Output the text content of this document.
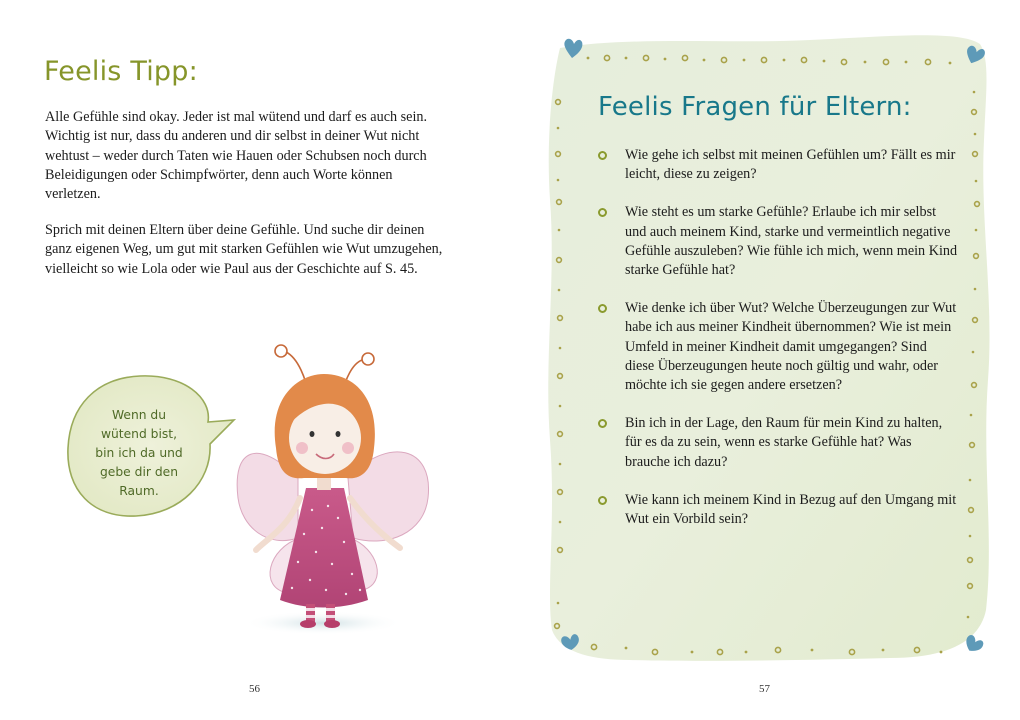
Feelis Tipp:

Alle Gefühle sind okay. Jeder ist mal wütend und darf es auch sein. Wichtig ist nur, dass du anderen und dir selbst in deiner Wut nicht wehtust – weder durch Taten wie Hauen oder Schubsen noch durch Beleidigungen oder Schimpfwörter, denn auch Worte können verletzen.

Sprich mit deinen Eltern über deine Gefühle. Und suche dir deinen ganz eigenen Weg, um gut mit starken Gefühlen wie Wut umzugehen, vielleicht so wie Lola oder wie Paul aus der Geschichte auf S. 45.

Wenn du
wütend bist,
bin ich da und
gebe dir den
Raum.
56
Feelis Fragen für Eltern:
Wie gehe ich selbst mit meinen Gefühlen um? Fällt es mir leicht, diese zu zeigen?
Wie steht es um starke Gefühle? Erlaube ich mir selbst und auch meinem Kind, starke und vermeintlich negative Gefühle auszuleben? Wie fühle ich mich, wenn mein Kind starke Gefühle hat?
Wie denke ich über Wut? Welche Überzeugungen zur Wut habe ich aus meiner Kindheit übernommen? Wie ist mein Umfeld in meiner Kindheit damit umgegangen? Sind diese Überzeugungen heute noch gültig und wahr, oder möchte ich sie gegen andere ersetzen?
Bin ich in der Lage, den Raum für mein Kind zu halten, für es da zu sein, wenn es starke Gefühle hat? Was brauche ich dazu?
Wie kann ich meinem Kind in Bezug auf den Umgang mit Wut ein Vorbild sein?
57
